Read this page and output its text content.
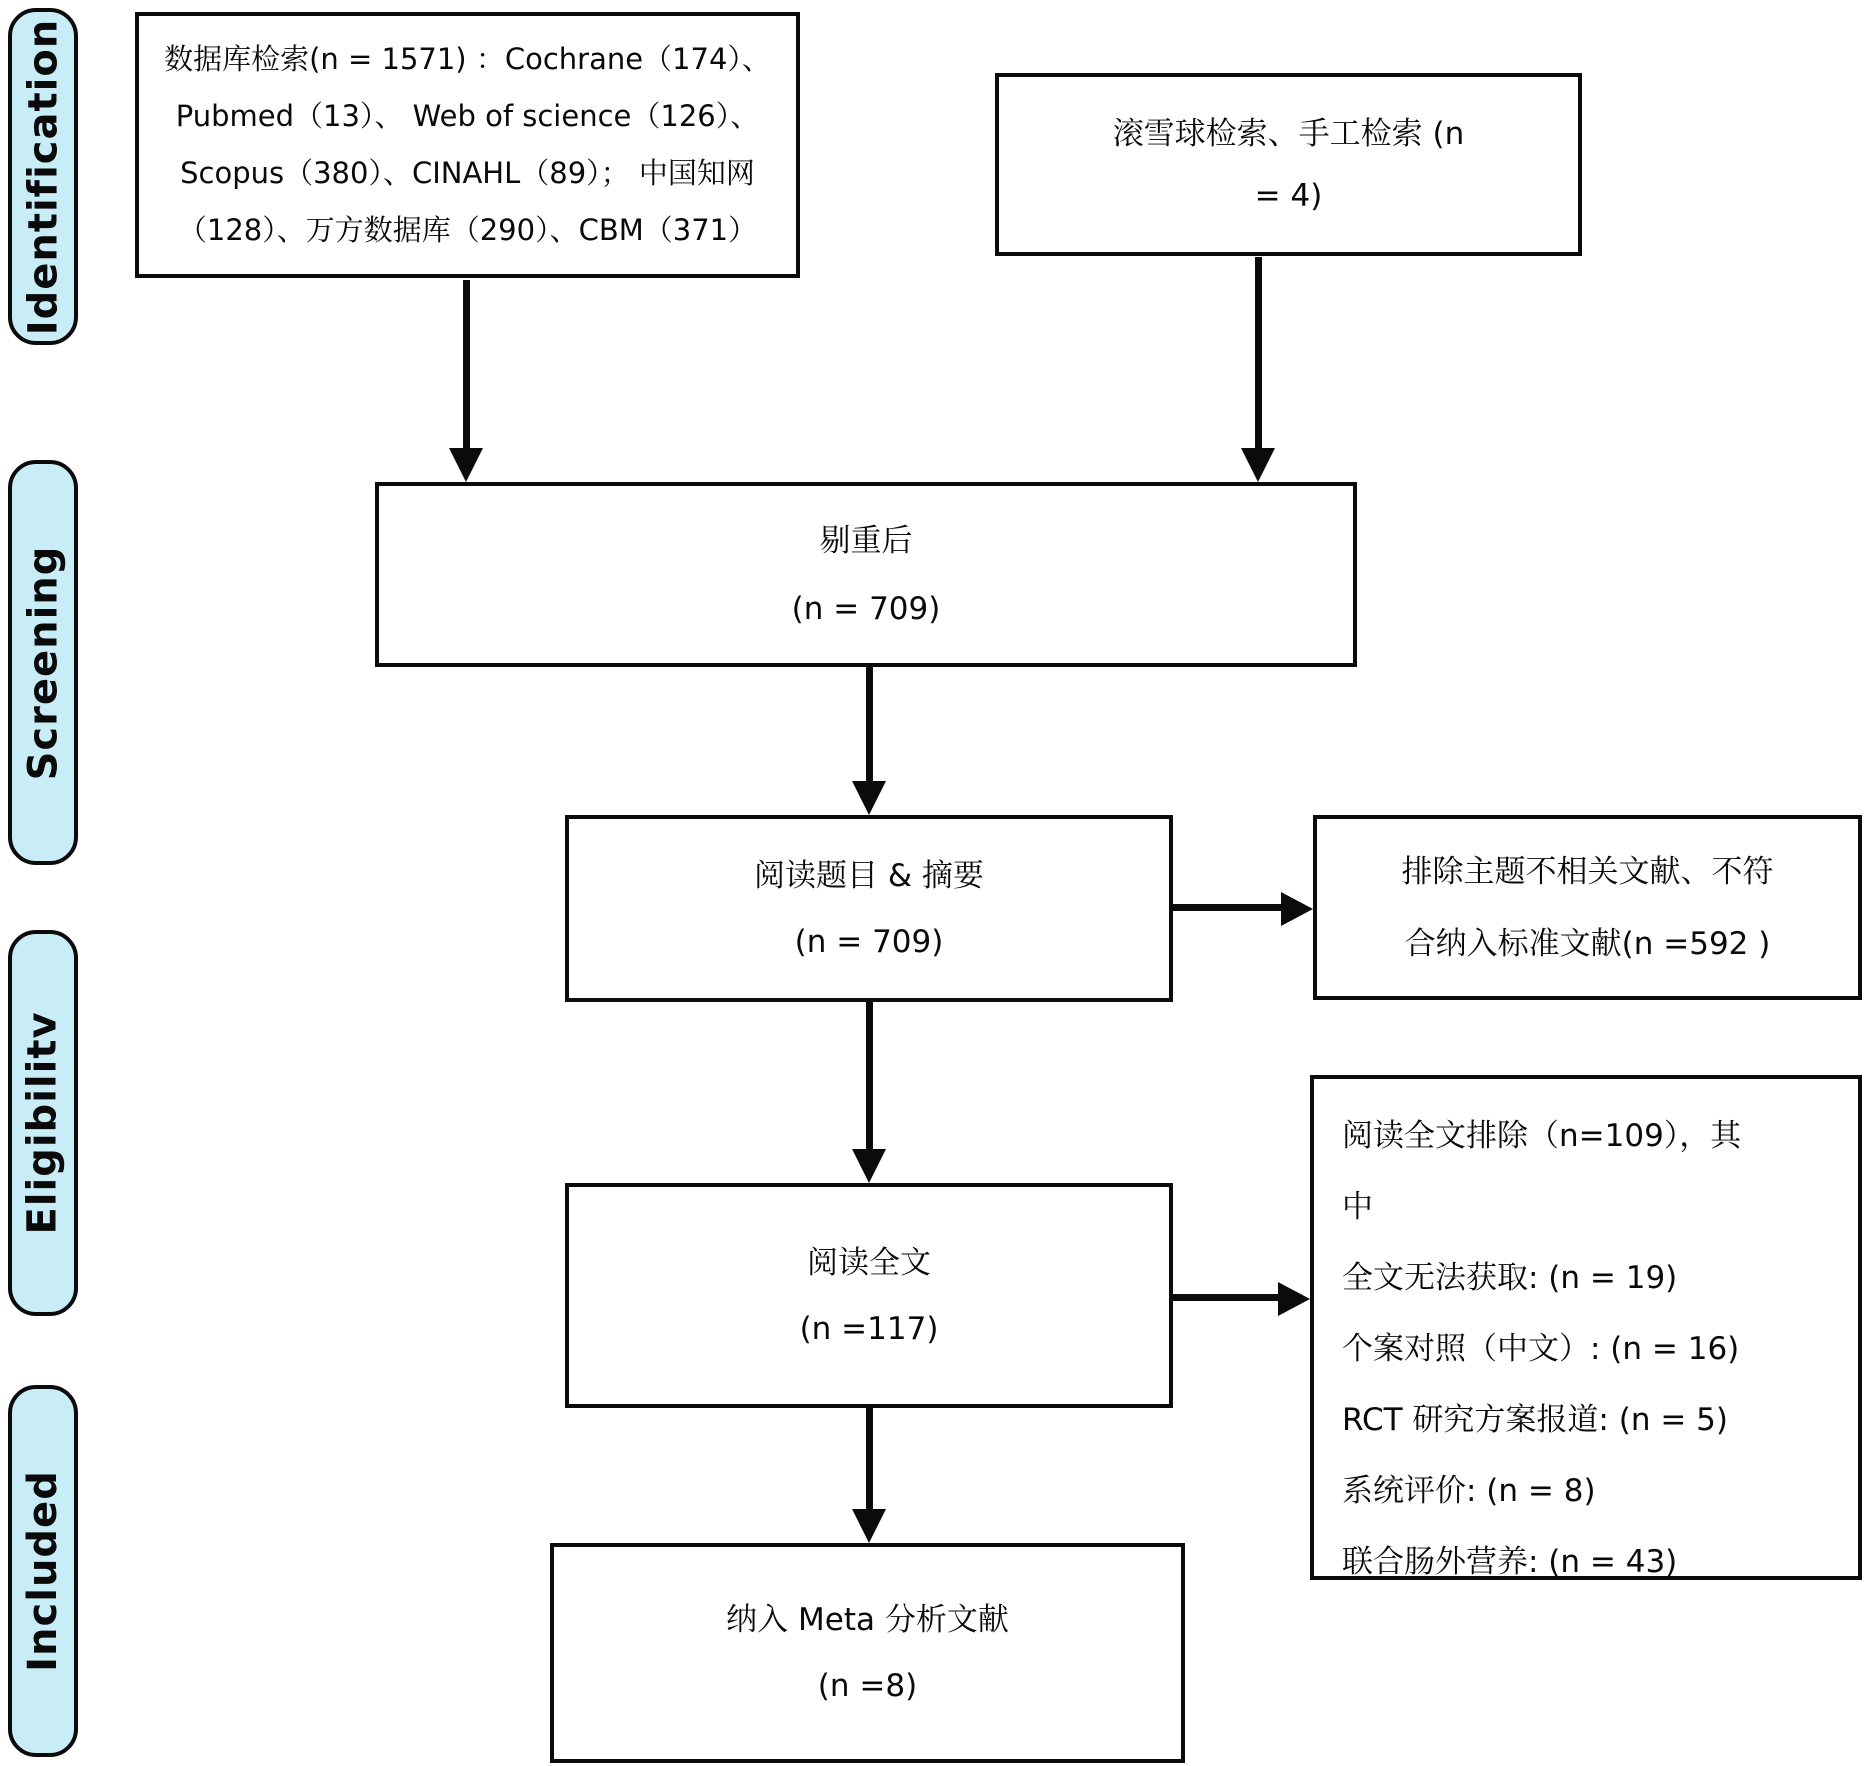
Identification
Screening
Eligibilitv
Included
数据库检索(n = 1571) ：Cochrane（174）、
Pubmed（13）、 Web of science（126）、
Scopus（380）、CINAHL（89）； 中国知网
（128）、万方数据库（290）、CBM（371）
滚雪球检索、手工检索 (n
= 4)
剔重后
(n = 709)
阅读题目 & 摘要
(n = 709)
排除主题不相关文献、不符
合纳入标准文献(n =592 )
阅读全文
(n =117)
阅读全文排除（n=109），其
中
全文无法获取: (n = 19)
个案对照（中文）: (n = 16)
RCT 研究方案报道: (n = 5)
系统评价: (n = 8)
联合肠外营养: (n = 43)
纳入 Meta 分析文献
(n =8)
